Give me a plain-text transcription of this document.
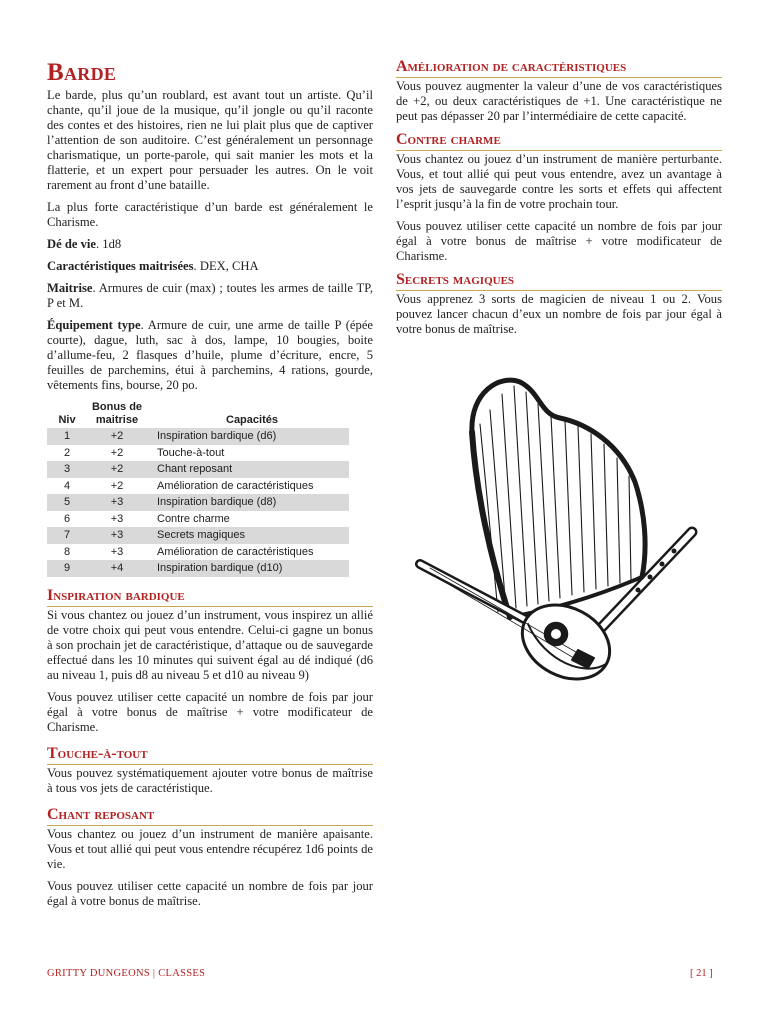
Barde

Le barde, plus qu’un roublard, est avant tout un artiste. Qu’il chante, qu’il joue de la musique, qu’il jongle ou qu’il raconte des contes et des histoires, rien ne lui plait plus que de captiver l’attention de son auditoire. C’est généralement un personnage charismatique, un porte-parole, qui sait manier les mots et la flatterie, et un expert pour persuader les autres. On le voit rarement au front d’une bataille.

La plus forte caractéristique d’un barde est généralement le Charisme.

Dé de vie. 1d8

Caractéristiques maitrisées. DEX, CHA

Maitrise. Armures de cuir (max) ; toutes les armes de taille TP, P et M.

Équipement type. Armure de cuir, une arme de taille P (épée courte), dague, luth, sac à dos, lampe, 10 bougies, boite d’allume-feu, 2 flasques d’huile, plume d’écriture, encre, 5 feuilles de parchemins, étui à parchemins, 4 rations, gourde, vêtements fins, bourse, 20 po.

Niv	Bonus de maitrise	Capacités
1	+2	Inspiration bardique (d6)
2	+2	Touche-à-tout
3	+2	Chant reposant
4	+2	Amélioration de caractéristiques
5	+3	Inspiration bardique (d8)
6	+3	Contre charme
7	+3	Secrets magiques
8	+3	Amélioration de caractéristiques
9	+4	Inspiration bardique (d10)
Inspiration bardique

Si vous chantez ou jouez d’un instrument, vous inspirez un allié de votre choix qui peut vous entendre. Celui-ci gagne un bonus à son prochain jet de caractéristique, d’attaque ou de sauvegarde effectué dans les 10 minutes qui suivent égal au dé indiqué (d6 au niveau 1, puis d8 au niveau 5 et d10 au niveau 9)

Vous pouvez utiliser cette capacité un nombre de fois par jour égal à votre bonus de maîtrise + votre modificateur de Charisme.

Touche-à-tout

Vous pouvez systématiquement ajouter votre bonus de maîtrise à tous vos jets de caractéristique.

Chant reposant

Vous chantez ou jouez d’un instrument de manière apaisante. Vous et tout allié qui peut vous entendre récupérez 1d6 points de vie.

Vous pouvez utiliser cette capacité un nombre de fois par jour égal à votre bonus de maîtrise.

Amélioration de caractéristiques

Vous pouvez augmenter la valeur d’une de vos caractéristiques de +2, ou deux caractéristiques de +1. Une caractéristique ne peut pas dépasser 20 par l’intermédiaire de cette capacité.

Contre charme

Vous chantez ou jouez d’un instrument de manière perturbante. Vous, et tout allié qui peut vous entendre, avez un avantage à vos jets de sauvegarde contre les sorts et effets qui affectent l’esprit jusqu’à la fin de votre prochain tour.

Vous pouvez utiliser cette capacité un nombre de fois par jour égal à votre bonus de maîtrise + votre modificateur de Charisme.

Secrets magiques

Vous apprenez 3 sorts de magicien de niveau 1 ou 2. Vous pouvez lancer chacun d’eux un nombre de fois par jour égal à votre bonus de maîtrise.

GRITTY DUNGEONS | CLASSES	[ 21 ]
